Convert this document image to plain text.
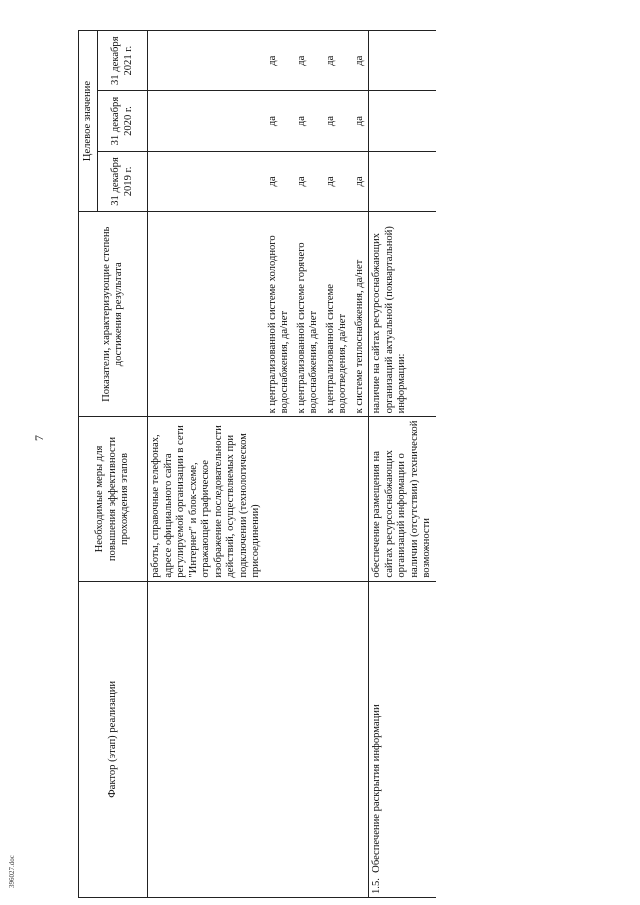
7
396027.doc
Фактор (этап) реализации	Необходимые меры для повышения эффективности прохождения этапов	Показатели, характеризующие степень достижения результата	Целевое значение		
			31 декабря 2019 г.	31 декабря 2020 г.	31 декабря 2021 г.
	работы, справочные телефонах, адресе официального сайта регулируемой организации в сети "Интернет" и блок-схеме, отражающей графическое изображение последовательности действий, осуществляемых при подключении (технологическом присоединении)				
		к централизованной системе холодного водоснабжения, да/нет	да	да	да
		к централизованной системе горячего водоснабжения, да/нет	да	да	да
		к централизованной системе водоотведения, да/нет	да	да	да
		к системе теплоснабжения, да/нет	да	да	да
1.5.  Обеспечение раскрытия информации	обеспечение размещения на сайтах ресурсоснабжающих организаций информации о наличии (отсутствии) технической возможности	наличие на сайтах ресурсоснабжающих организаций актуальной (поквартальной) информации:			
